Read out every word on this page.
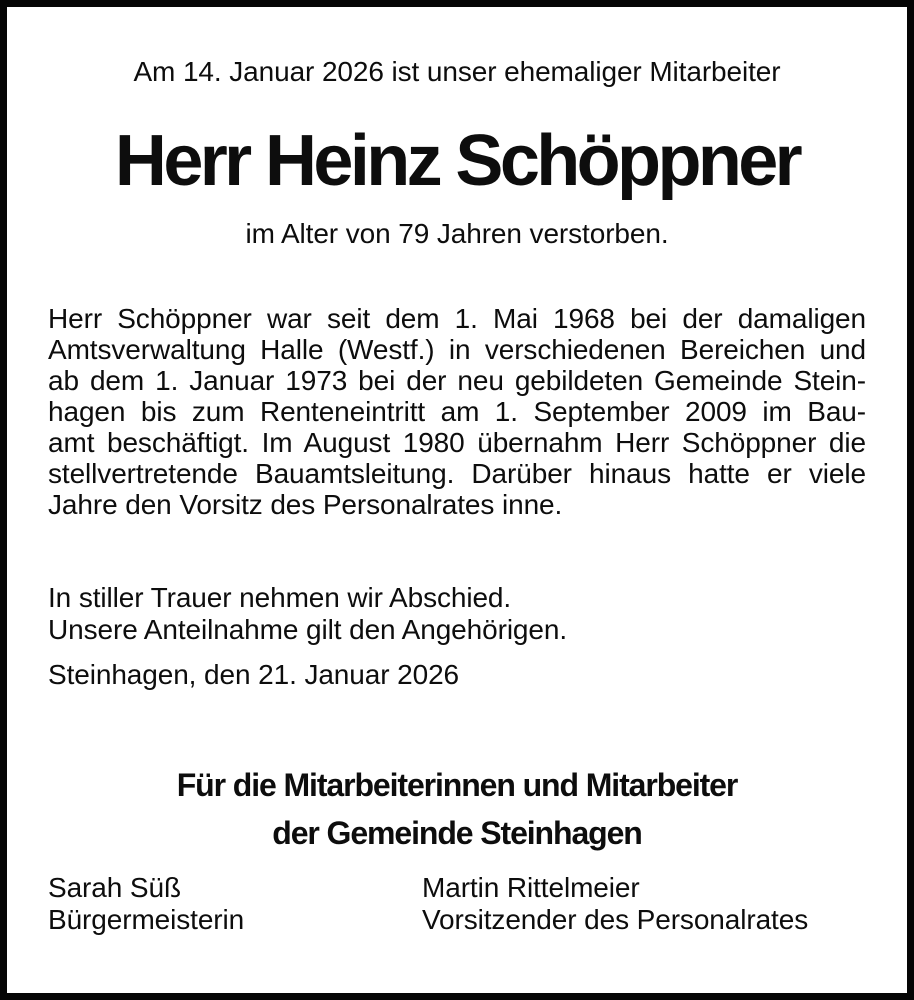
Am 14. Januar 2026 ist unser ehemaliger Mitarbeiter
Herr Heinz Schöppner
im Alter von 79 Jahren verstorben.
Herr Schöppner war seit dem 1. Mai 1968 bei der damaligen
Amtsverwaltung Halle (Westf.) in verschiedenen Bereichen und
ab dem 1. Januar 1973 bei der neu gebildeten Gemeinde Stein-
hagen bis zum Renteneintritt am 1. September 2009 im Bau-
amt beschäftigt. Im August 1980 übernahm Herr Schöppner die
stellvertretende Bauamtsleitung. Darüber hinaus hatte er viele
Jahre den Vorsitz des Personalrates inne.
In stiller Trauer nehmen wir Abschied.
Unsere Anteilnahme gilt den Angehörigen.
Steinhagen, den 21. Januar 2026
Für die Mitarbeiterinnen und Mitarbeiter
der Gemeinde Steinhagen
Sarah Süß
Bürgermeisterin
Martin Rittelmeier
Vorsitzender des Personalrates
